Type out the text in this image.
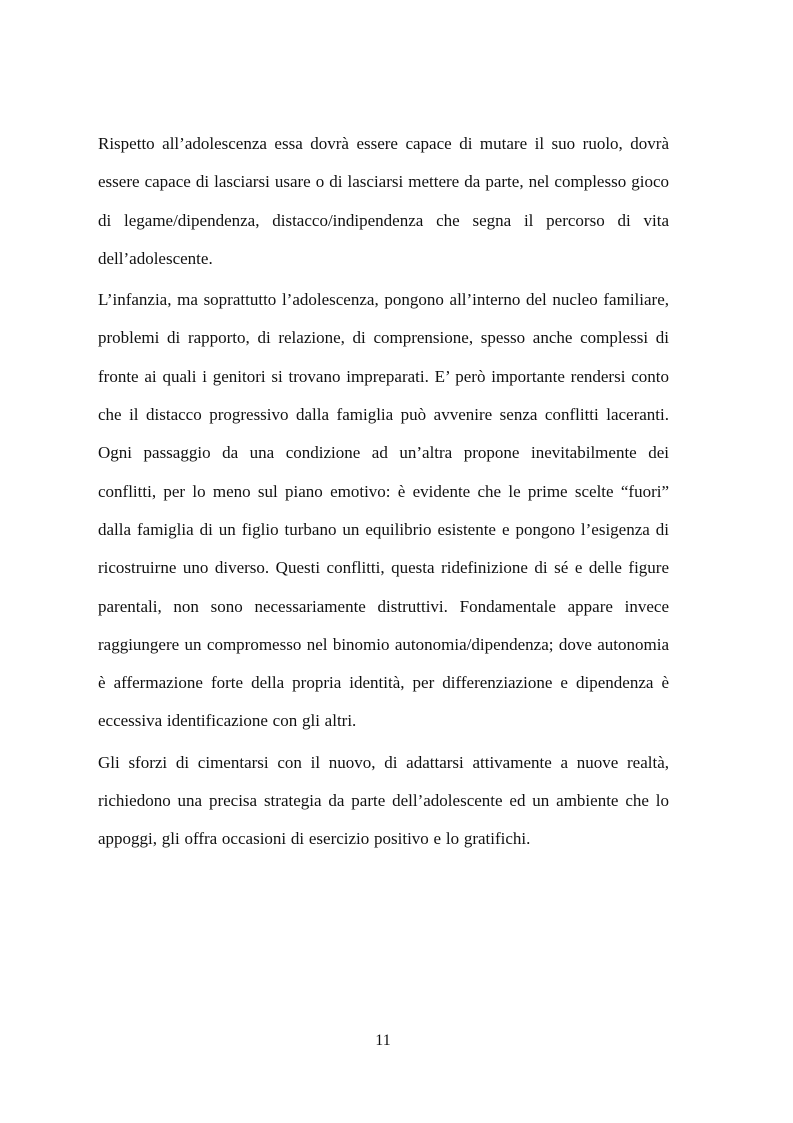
Rispetto all’adolescenza essa dovrà essere capace di mutare il suo ruolo, dovrà essere capace di lasciarsi usare o di lasciarsi mettere da parte, nel complesso gioco di legame/dipendenza, distacco/indipendenza che segna il percorso di vita dell’adolescente.

L’infanzia, ma soprattutto l’adolescenza, pongono all’interno del nucleo familiare, problemi di rapporto, di relazione, di comprensione, spesso anche complessi di fronte ai quali i genitori si trovano impreparati. E’ però importante rendersi conto che il distacco progressivo dalla famiglia può avvenire senza conflitti laceranti. Ogni passaggio da una condizione ad un’altra propone inevitabilmente dei conflitti, per lo meno sul piano emotivo: è evidente che le prime scelte “fuori” dalla famiglia di un figlio turbano un equilibrio esistente e pongono l’esigenza di ricostruirne uno diverso. Questi conflitti, questa ridefinizione di sé e delle figure parentali, non sono necessariamente distruttivi. Fondamentale appare invece raggiungere un compromesso nel binomio autonomia/dipendenza; dove autonomia è affermazione forte della propria identità, per differenziazione e dipendenza è eccessiva identificazione con gli altri.

Gli sforzi di cimentarsi con il nuovo, di adattarsi attivamente a nuove realtà, richiedono una precisa strategia da parte dell’adolescente ed un ambiente che lo appoggi, gli offra occasioni di esercizio positivo e lo gratifichi.

11
